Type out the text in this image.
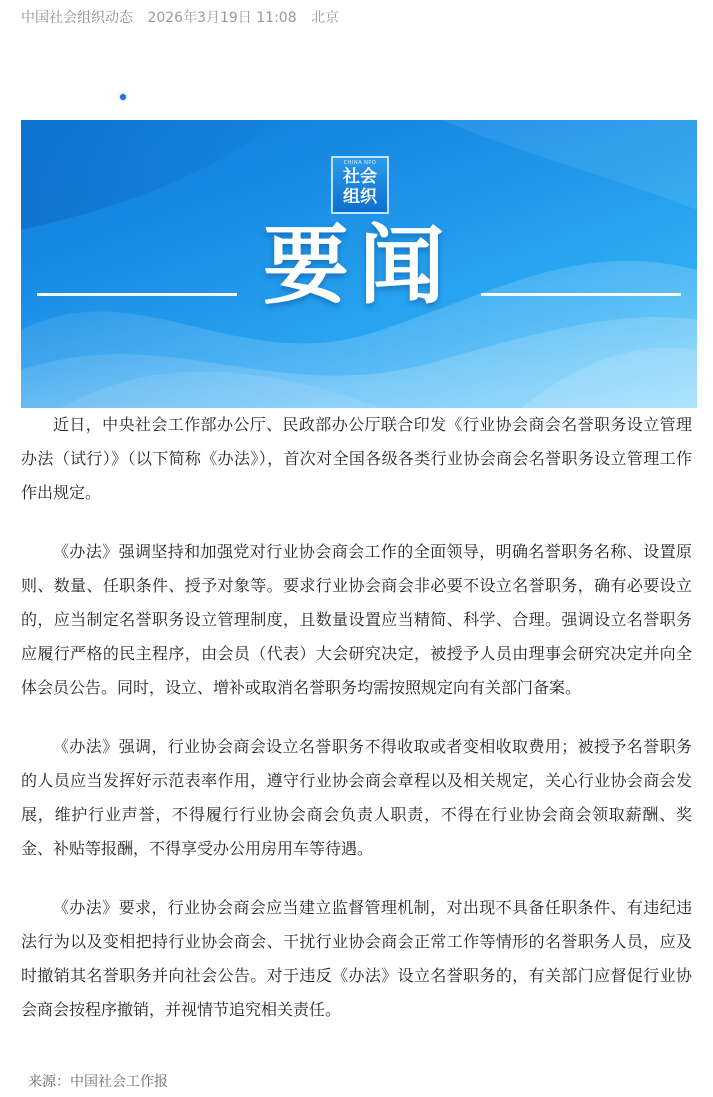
中国社会组织动态 2026年3月19日 11:08 北京
CHINA NPO
社会
组织
要闻

近日，中央社会工作部办公厅、民政部办公厅联合印发《行业协会商会名誉职务设立管理办法（试行）》（以下简称《办法》），首次对全国各级各类行业协会商会名誉职务设立管理工作作出规定。

《办法》强调坚持和加强党对行业协会商会工作的全面领导，明确名誉职务名称、设置原则、数量、任职条件、授予对象等。要求行业协会商会非必要不设立名誉职务，确有必要设立的，应当制定名誉职务设立管理制度，且数量设置应当精简、科学、合理。强调设立名誉职务应履行严格的民主程序，由会员（代表）大会研究决定，被授予人员由理事会研究决定并向全体会员公告。同时，设立、增补或取消名誉职务均需按照规定向有关部门备案。

《办法》强调，行业协会商会设立名誉职务不得收取或者变相收取费用；被授予名誉职务的人员应当发挥好示范表率作用，遵守行业协会商会章程以及相关规定，关心行业协会商会发展，维护行业声誉，不得履行行业协会商会负责人职责，不得在行业协会商会领取薪酬、奖金、补贴等报酬，不得享受办公用房用车等待遇。

《办法》要求，行业协会商会应当建立监督管理机制，对出现不具备任职条件、有违纪违法行为以及变相把持行业协会商会、干扰行业协会商会正常工作等情形的名誉职务人员，应及时撤销其名誉职务并向社会公告。对于违反《办法》设立名誉职务的，有关部门应督促行业协会商会按程序撤销，并视情节追究相关责任。

来源：中国社会工作报
